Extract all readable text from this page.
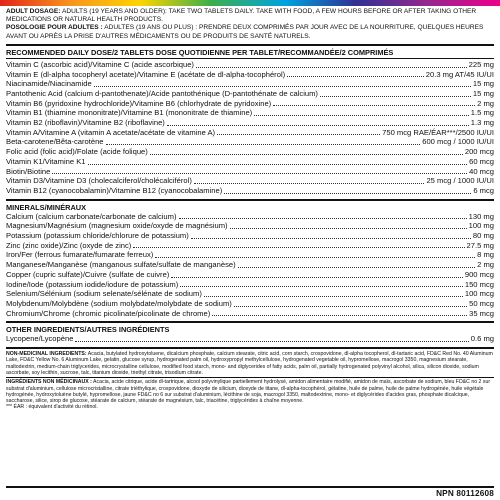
ADULT DOSAGE: ADULTS (19 YEARS AND OLDER): TAKE TWO TABLETS DAILY. TAKE WITH FOOD, A FEW HOURS BEFORE OR AFTER TAKING OTHER MEDICATIONS OR NATURAL HEALTH PRODUCTS.
POSOLOGIE POUR ADULTES : ADULTES (19 ANS OU PLUS) : PRENDRE DEUX COMPRIMÉS PAR JOUR AVEC DE LA NOURRITURE, QUELQUES HEURES AVANT OU APRÈS LA PRISE D'AUTRES MÉDICAMENTS OU DE PRODUITS DE SANTÉ NATURELS.
RECOMMENDED DAILY DOSE/2 TABLETS DOSE QUOTIDIENNE PER TABLET/RECOMMANDÉE/2 COMPRIMÉS
Vitamin C (ascorbic acid)/Vitamine C (acide ascorbique)	225 mg
Vitamin E (dl-alpha tocopheryl acetate)/Vitamine E (acétate de dl-alpha-tocophérol)	20.3 mg AT/45 IU/UI
Niacinamide/Niacinamide	15 mg
Pantothenic Acid (calcium d-pantothenate)/Acide pantothénique (D-pantothénate de calcium)	15 mg
Vitamin B6 (pyridoxine hydrochloride)/Vitamine B6 (chlorhydrate de pyridoxine)	2 mg
Vitamin B1 (thiamine mononitrate)/Vitamine B1 (mononitrate de thiamine)	1.5 mg
Vitamin B2 (riboflavin)/Vitamine B2 (riboflavine)	1.3 mg
Vitamin A/Vitamine A (vitamin A acetate/acétate de vitamine A)	750 mcg RAE/ÉAR***/2500 IU/UI
Beta-carotene/Bêta-carotène	600 mcg / 1000 IU/UI
Folic acid (folic acid)/Folate (acide folique)	200 mcg
Vitamin K1/Vitamine K1	60 mcg
Biotin/Biotine	40 mcg
Vitamin D3/Vitamine D3 (cholecalciferol/cholécalciférol)	25 mcg / 1000 IU/UI
Vitamin B12 (cyanocobalamin)/Vitamine B12 (cyanocobalamine)	6 mcg
MINERALS/MINÉRAUX
Calcium (calcium carbonate/carbonate de calcium)	130 mg
Magnesium/Magnésium (magnesium oxide/oxyde de magnésium)	100 mg
Potassium (potassium chloride/chlorure de potassium)	80 mg
Zinc (zinc oxide)/Zinc (oxyde de zinc)	27.5 mg
Iron/Fer (ferrous fumarate/fumarate ferreux)	8 mg
Manganese/Manganèse (manganous sulfate/sulfate de manganèse)	2 mg
Copper (cupric sulfate)/Cuivre (sulfate de cuivre)	900 mcg
Iodine/Iode (potassium iodide/iodure de potassium)	150 mcg
Selenium/Sélénium (sodium selenate/sélénate de sodium)	100 mcg
Molybdenum/Molybdène (sodium molybdate/molybdate de sodium)	50 mcg
Chromium/Chrome (chromic picolinate/picolinate de chrome)	35 mcg
OTHER INGREDIENTS/AUTRES INGRÉDIENTS
Lycopene/Lycopène	0.6 mg
NON-MEDICINAL INGREDIENTS: Acacia, butylated hydroxytoluene, dicalcium phosphate, calcium stearate, citric acid, corn starch, crospovidone, dl-alpha tocopherol, dl-tartaric acid, FD&C Red No. 40 Aluminum Lake, FD&C Yellow No. 6 Aluminum Lake, gelatin, glucose syrup, hydrogenated palm oil, hydroxypropyl methylcellulose, hydrogenated vegetable oil, hypromellose, macrogol 3350, magnesium stearate, maltodextrin, medium-chain triglycerides, microcrystalline cellulose, modified food starch, mono- and diglycerides of fatty acids, palm oil, partially hydrogenated polyvinyl alcohol, silica, silicon dioxide, sodium ascorbate, soy lecithin, sucrose, talc, titanium dioxide, triethyl citrate, trisodium citrate.
INGRÉDIENTS NON MÉDICINAUX : Acacia, acide citrique, acide dl-tartrique, alcool polyvinylique partiellement hydrolysé, amidon alimentaire modifié, amidon de maïs, ascorbate de sodium, bleu FD&C no 2 sur substrat d'aluminium, cellulose microcristalline, citrate triéthylique, crospovidone, dioxyde de silicium, dioxyde de titane, dl-alpha-tocophérol, gélatine, huile de palme, huile de palme hydrogénée, huile végétale hydrogénée, hydroxytoluène butylé, hypromellose, jaune FD&C no 6 sur substrat d'aluminium, lécithine de soja, macrogol 3350, maltodextrine, mono- et diglycérides d'acides gras, phosphate dicalcique, saccharose, silice, sirop de glucose, stéarate de calcium, stéarate de magnésium, talc, triacétine, triglycérides à chaîne moyenne.
*** ÉAR : équivalent d'activité du rétinol.
NPN 80112608
